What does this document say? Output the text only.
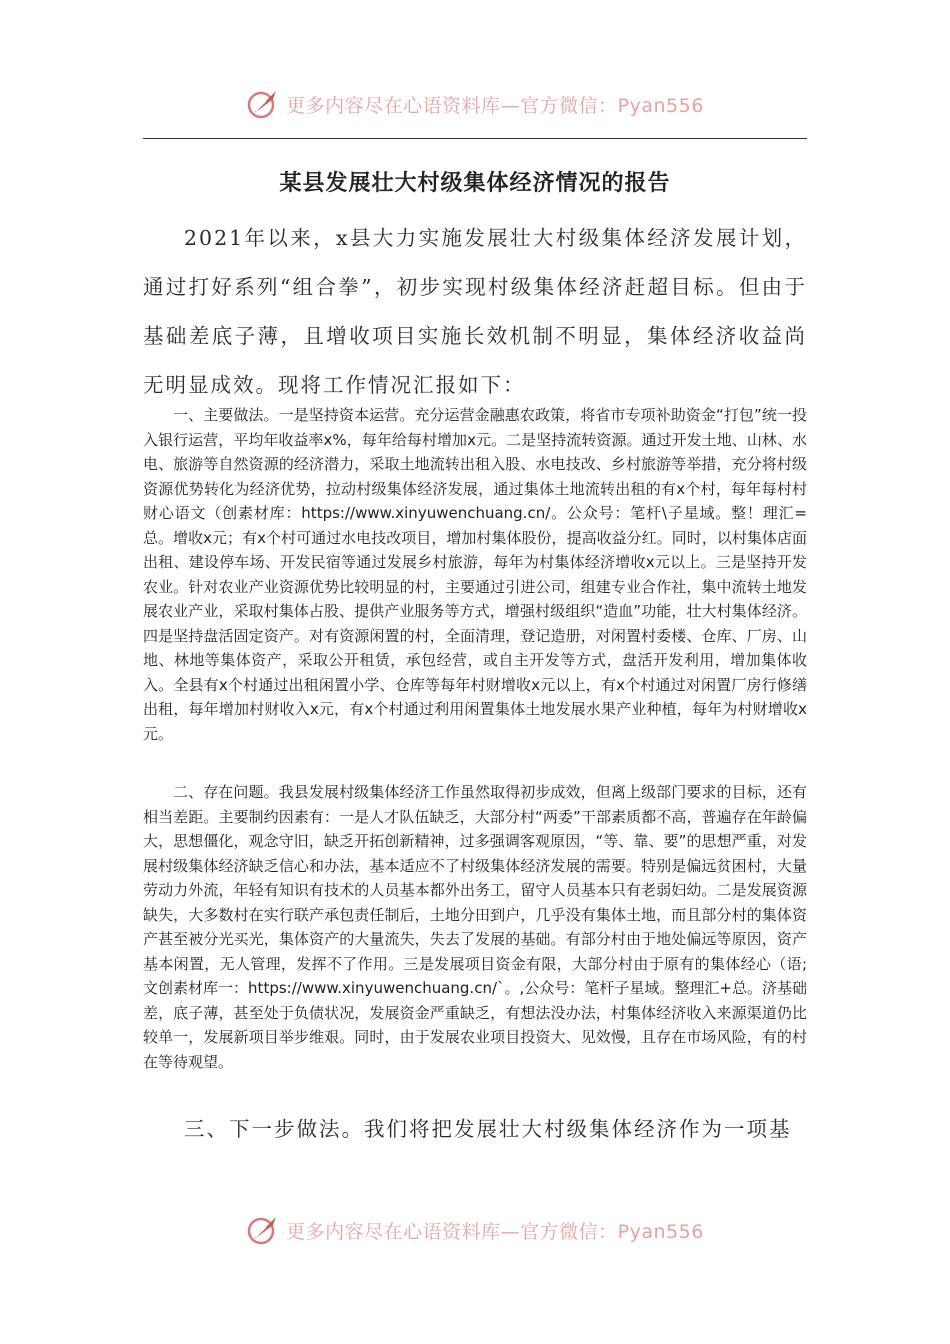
更多内容尽在心语资料库—官方微信：Pyan556
某县发展壮大村级集体经济情况的报告
2021年以来，x县大力实施发展壮大村级集体经济发展计划，通过打好系列“组合拳”，初步实现村级集体经济赶超目标。但由于基础差底子薄，且增收项目实施长效机制不明显，集体经济收益尚无明显成效。现将工作情况汇报如下：
一、主要做法。一是坚持资本运营。充分运营金融惠农政策，将省市专项补助资金“打包”统一投入银行运营，平均年收益率x%，每年给每村增加x元。二是坚持流转资源。通过开发土地、山林、水电、旅游等自然资源的经济潜力，采取土地流转出租入股、水电技改、乡村旅游等举措，充分将村级资源优势转化为经济优势，拉动村级集体经济发展，通过集体土地流转出租的有x个村，每年每村村财心语文（创素材库：https://www.xinyuwenchuang.cn/。公众号：笔杆\子星域。整！理汇=总。增收x元；有x个村可通过水电技改项目，增加村集体股份，提高收益分红。同时，以村集体店面出租、建设停车场、开发民宿等通过发展乡村旅游，每年为村集体经济增收x元以上。三是坚持开发农业。针对农业产业资源优势比较明显的村，主要通过引进公司，组建专业合作社，集中流转土地发展农业产业，采取村集体占股、提供产业服务等方式，增强村级组织“造血”功能，壮大村集体经济。四是坚持盘活固定资产。对有资源闲置的村，全面清理，登记造册，对闲置村委楼、仓库、厂房、山地、林地等集体资产，采取公开租赁，承包经营，或自主开发等方式，盘活开发利用，增加集体收入。全县有x个村通过出租闲置小学、仓库等每年村财增收x元以上，有x个村通过对闲置厂房行修缮出租，每年增加村财收入x元，有x个村通过利用闲置集体土地发展水果产业种植，每年为村财增收x元。
二、存在问题。我县发展村级集体经济工作虽然取得初步成效，但离上级部门要求的目标，还有相当差距。主要制约因素有：一是人才队伍缺乏，大部分村“两委”干部素质都不高，普遍存在年龄偏大，思想僵化，观念守旧，缺乏开拓创新精神，过多强调客观原因，“等、靠、要”的思想严重，对发展村级集体经济缺乏信心和办法，基本适应不了村级集体经济发展的需要。特别是偏远贫困村，大量劳动力外流，年轻有知识有技术的人员基本都外出务工，留守人员基本只有老弱妇幼。二是发展资源缺失，大多数村在实行联产承包责任制后，土地分田到户，几乎没有集体土地，而且部分村的集体资产甚至被分光买光，集体资产的大量流失，失去了发展的基础。有部分村由于地处偏远等原因，资产基本闲置，无人管理，发挥不了作用。三是发展项目资金有限，大部分村由于原有的集体经心（语;文创素材库一：https://www.xinyuwenchuang.cn/`。,公众号：笔杆子星域。整理汇+总。济基础差，底子薄，甚至处于负债状况，发展资金严重缺乏，有想法没办法，村集体经济收入来源渠道仍比较单一，发展新项目举步维艰。同时，由于发展农业项目投资大、见效慢，且存在市场风险，有的村在等待观望。
三、下一步做法。我们将把发展壮大村级集体经济作为一项基
更多内容尽在心语资料库—官方微信：Pyan556
